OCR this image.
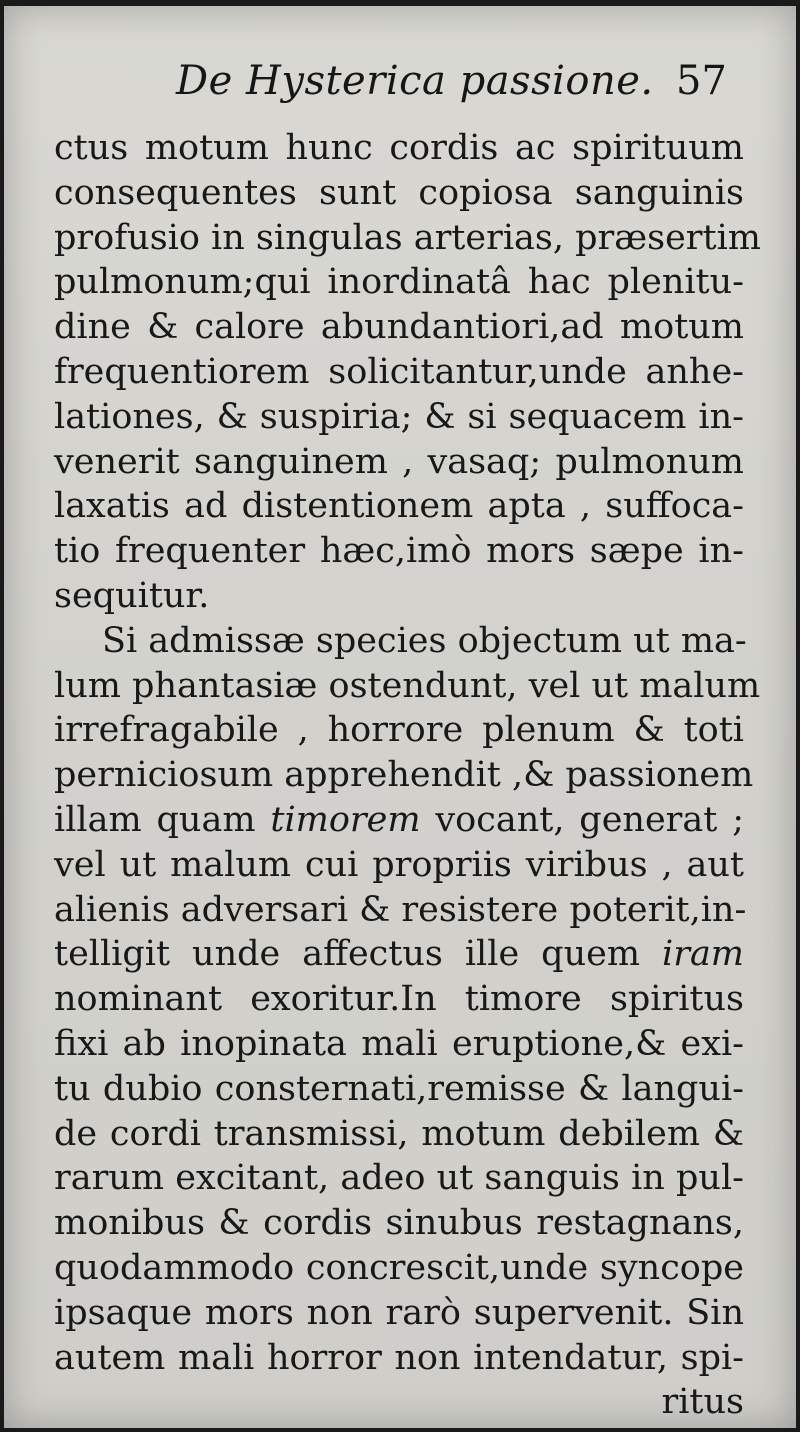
De Hysterica passione. 57
ctus motum hunc cordis ac spirituum
consequentes sunt copiosa sanguinis
profusio in singulas arterias, præsertim
pulmonum;qui inordinatâ hac plenitu-
dine & calore abundantiori,ad motum
frequentiorem solicitantur,unde anhe-
lationes, & suspiria; & si sequacem in-
venerit sanguinem , vasaq; pulmonum
laxatis ad distentionem apta , suffoca-
tio frequenter hæc,imò mors sæpe in-
sequitur.
Si admissæ species objectum ut ma-
lum phantasiæ ostendunt, vel ut malum
irrefragabile , horrore plenum & toti
perniciosum apprehendit ,& passionem
illam quam timorem vocant, generat ;
vel ut malum cui propriis viribus , aut
alienis adversari & resistere poterit,in-
telligit unde affectus ille quem iram
nominant exoritur.In timore spiritus
fixi ab inopinata mali eruptione,& exi-
tu dubio consternati,remisse & langui-
de cordi transmissi, motum debilem &
rarum excitant, adeo ut sanguis in pul-
monibus & cordis sinubus restagnans,
quodammodo concrescit,unde syncope
ipsaque mors non rarò supervenit. Sin
autem mali horror non intendatur, spi-
ritus
